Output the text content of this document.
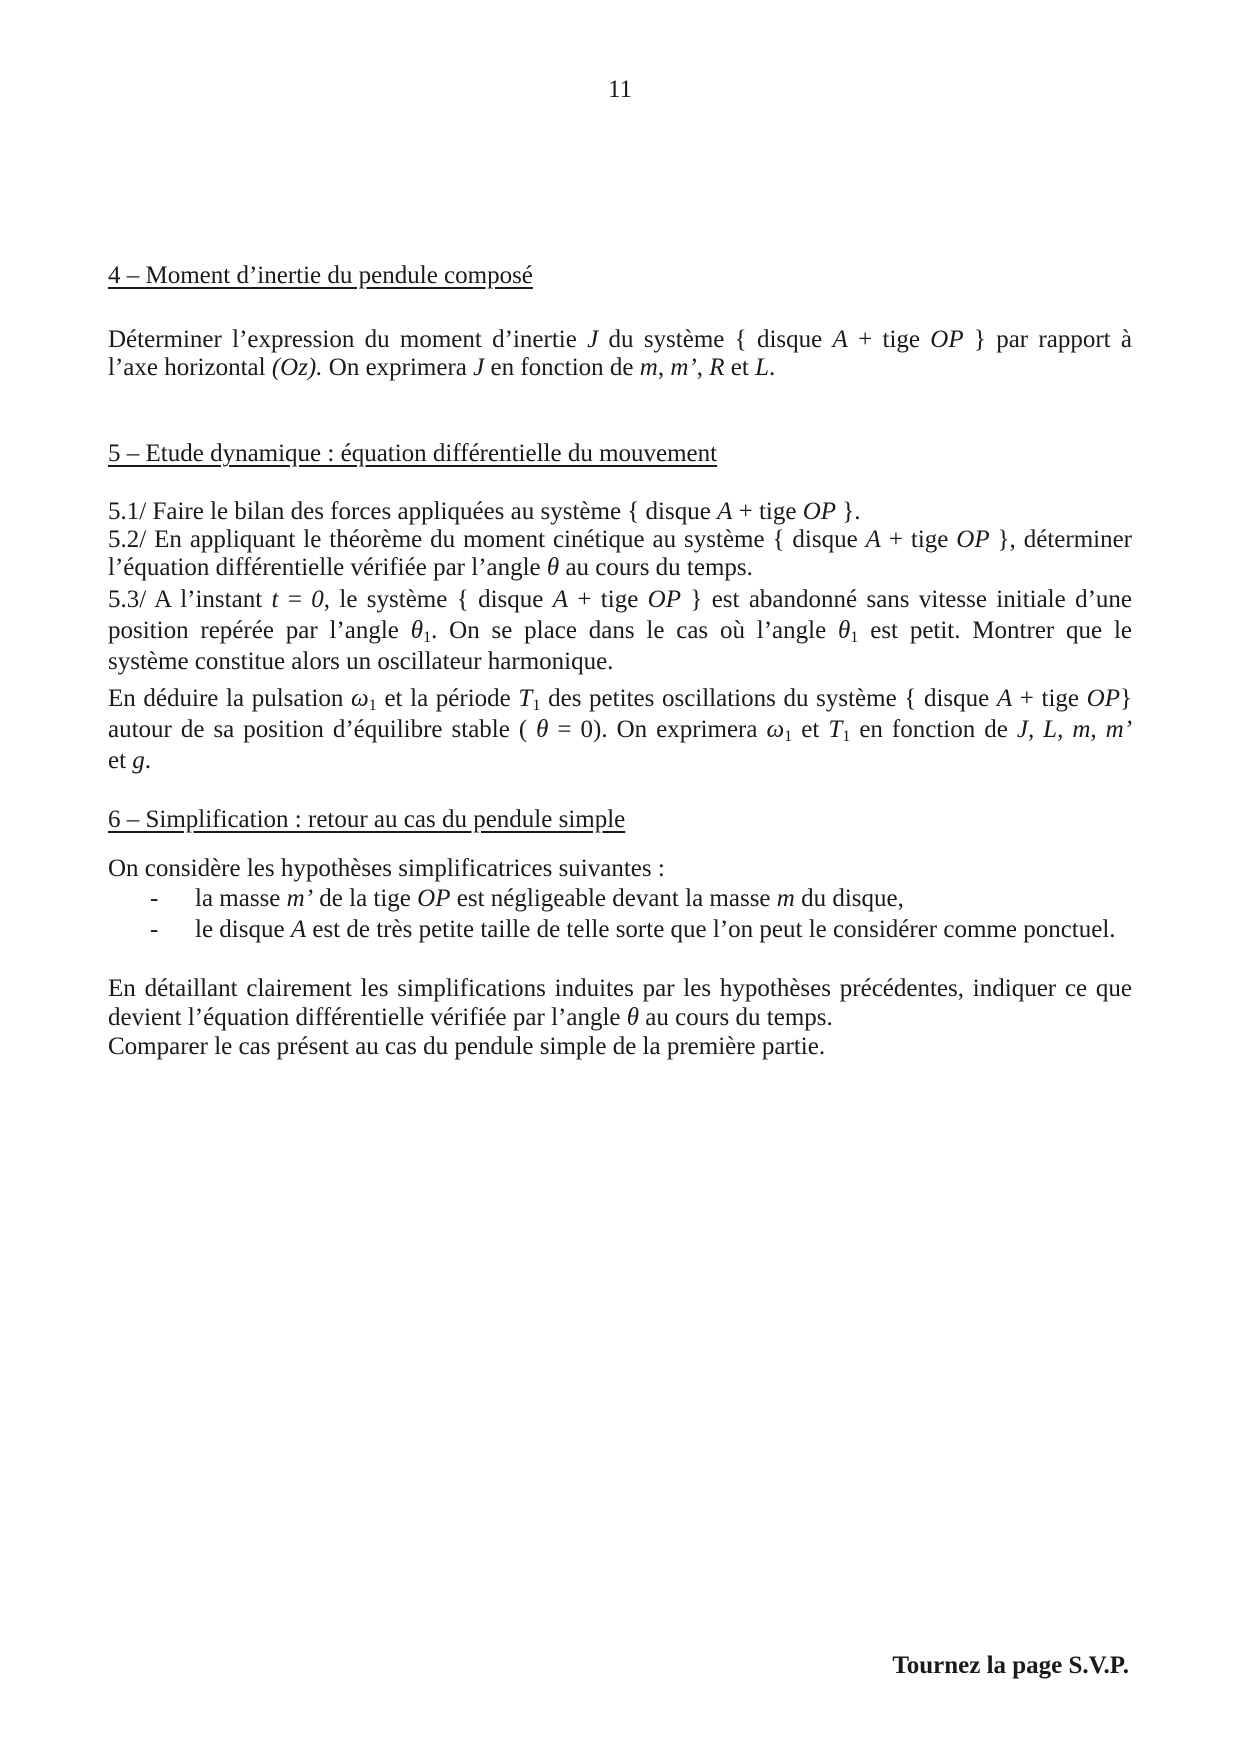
11
4 – Moment d’inertie du pendule composé
Déterminer l’expression du moment d’inertie J du système { disque A + tige OP } par rapport à
l’axe horizontal (Oz). On exprimera J en fonction de m, m’, R et L.
5 – Etude dynamique : équation différentielle du mouvement
5.1/ Faire le bilan des forces appliquées au système { disque A + tige OP }.
5.2/ En appliquant le théorème du moment cinétique au système { disque A + tige OP }, déterminer
l’équation différentielle vérifiée par l’angle θ au cours du temps.
5.3/ A l’instant t = 0, le système { disque A + tige OP } est abandonné sans vitesse initiale d’une
position repérée par l’angle θ1. On se place dans le cas où l’angle θ1 est petit. Montrer que le
système constitue alors un oscillateur harmonique.
En déduire la pulsation ω1 et la période T1 des petites oscillations du système { disque A + tige OP}
autour de sa position d’équilibre stable ( θ = 0). On exprimera ω1 et T1 en fonction de J, L, m, m’
et g.
6 – Simplification : retour au cas du pendule simple
On considère les hypothèses simplificatrices suivantes :
- la masse m’ de la tige OP est négligeable devant la masse m du disque,
- le disque A est de très petite taille de telle sorte que l’on peut le considérer comme ponctuel.
En détaillant clairement les simplifications induites par les hypothèses précédentes, indiquer ce que
devient l’équation différentielle vérifiée par l’angle θ au cours du temps.
Comparer le cas présent au cas du pendule simple de la première partie.
Tournez la page S.V.P.
